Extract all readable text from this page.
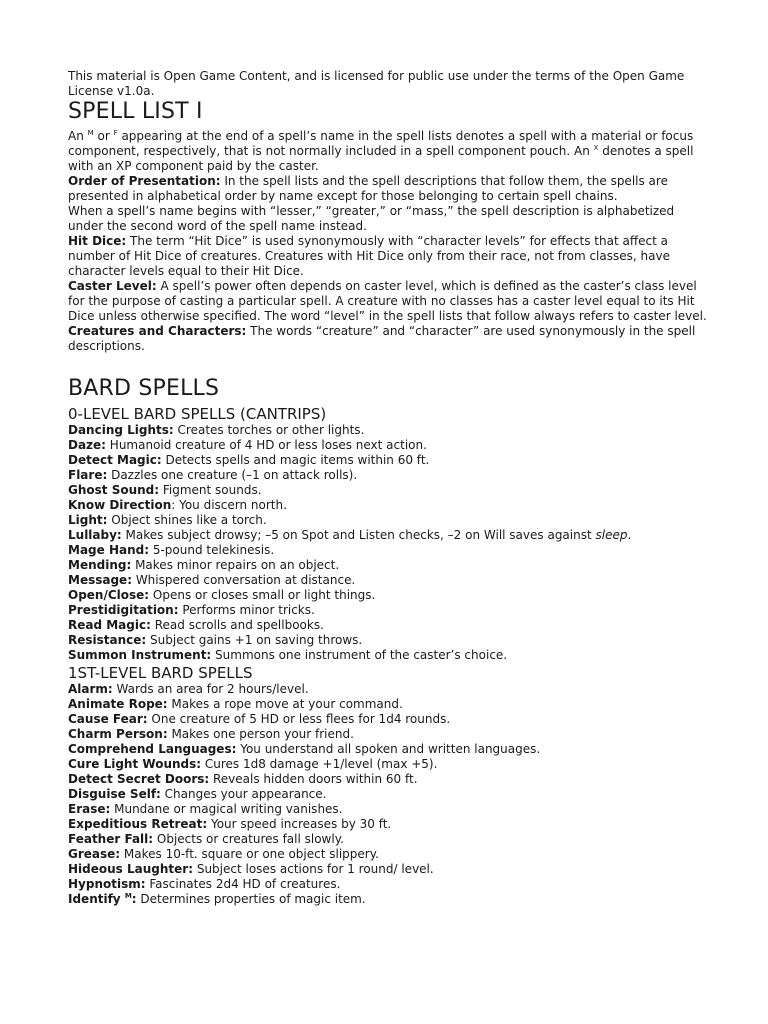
This material is Open Game Content, and is licensed for public use under the terms of the Open Game License v1.0a.

SPELL LIST I

An $^M$ or $^F$ appearing at the end of a spell’s name in the spell lists denotes a spell with a material or focus component, respectively, that is not normally included in a spell component pouch. An $^X$ denotes a spell with an XP component paid by the caster.

Order of Presentation: In the spell lists and the spell descriptions that follow them, the spells are presented in alphabetical order by name except for those belonging to certain spell chains.

When a spell’s name begins with “lesser,” “greater,” or “mass,” the spell description is alphabetized under the second word of the spell name instead.

Hit Dice: The term “Hit Dice” is used synonymously with “character levels” for effects that affect a number of Hit Dice of creatures. Creatures with Hit Dice only from their race, not from classes, have character levels equal to their Hit Dice.

Caster Level: A spell’s power often depends on caster level, which is defined as the caster’s class level for the purpose of casting a particular spell. A creature with no classes has a caster level equal to its Hit Dice unless otherwise specified. The word “level” in the spell lists that follow always refers to caster level.

Creatures and Characters: The words “creature” and “character” are used synonymously in the spell descriptions.

BARD SPELLS
0-LEVEL BARD SPELLS (CANTRIPS)

Dancing Lights: Creates torches or other lights.

Daze: Humanoid creature of 4 HD or less loses next action.

Detect Magic: Detects spells and magic items within 60 ft.

Flare: Dazzles one creature (–1 on attack rolls).

Ghost Sound: Figment sounds.

Know Direction: You discern north.

Light: Object shines like a torch.

Lullaby: Makes subject drowsy; –5 on Spot and Listen checks, –2 on Will saves against sleep.

Mage Hand: 5-pound telekinesis.

Mending: Makes minor repairs on an object.

Message: Whispered conversation at distance.

Open/Close: Opens or closes small or light things.

Prestidigitation: Performs minor tricks.

Read Magic: Read scrolls and spellbooks.

Resistance: Subject gains +1 on saving throws.

Summon Instrument: Summons one instrument of the caster’s choice.

1ST-LEVEL BARD SPELLS

Alarm: Wards an area for 2 hours/level.

Animate Rope: Makes a rope move at your command.

Cause Fear: One creature of 5 HD or less flees for 1d4 rounds.

Charm Person: Makes one person your friend.

Comprehend Languages: You understand all spoken and written languages.

Cure Light Wounds: Cures 1d8 damage +1/level (max +5).

Detect Secret Doors: Reveals hidden doors within 60 ft.

Disguise Self: Changes your appearance.

Erase: Mundane or magical writing vanishes.

Expeditious Retreat: Your speed increases by 30 ft.

Feather Fall: Objects or creatures fall slowly.

Grease: Makes 10-ft. square or one object slippery.

Hideous Laughter: Subject loses actions for 1 round/ level.

Hypnotism: Fascinates 2d4 HD of creatures.

Identify $^M$: Determines properties of magic item.
